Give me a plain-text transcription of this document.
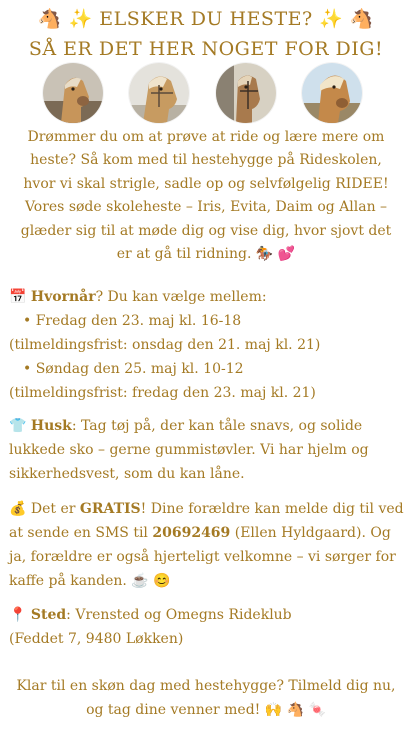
🐴 ✨ ELSKER DU HESTE? ✨ 🐴
SÅ ER DET HER NOGET FOR DIG!
Drømmer du om at prøve at ride og lære mere om heste? Så kom med til hestehygge på Rideskolen, hvor vi skal strigle, sadle op og selvfølgelig RIDEE! Vores søde skoleheste – Iris, Evita, Daim og Allan – glæder sig til at møde dig og vise dig, hvor sjovt det er at gå til ridning. 🏇 💕
📅 Hvornår? Du kan vælge mellem:
• Fredag den 23. maj kl. 16-18
(tilmeldingsfrist: onsdag den 21. maj kl. 21)
• Søndag den 25. maj kl. 10-12
(tilmeldingsfrist: fredag den 23. maj kl. 21)
👕 Husk: Tag tøj på, der kan tåle snavs, og solide lukkede sko – gerne gummistøvler. Vi har hjelm og sikkerhedsvest, som du kan låne.
💰 Det er GRATIS! Dine forældre kan melde dig til ved at sende en SMS til 20692469 (Ellen Hyldgaard). Og ja, forældre er også hjerteligt velkomne – vi sørger for kaffe på kanden. ☕ 😊
📍 Sted: Vrensted og Omegns Rideklub
(Feddet 7, 9480 Løkken)
Klar til en skøn dag med hestehygge? Tilmeld dig nu, og tag dine venner med! 🙌 🐴 🍬
